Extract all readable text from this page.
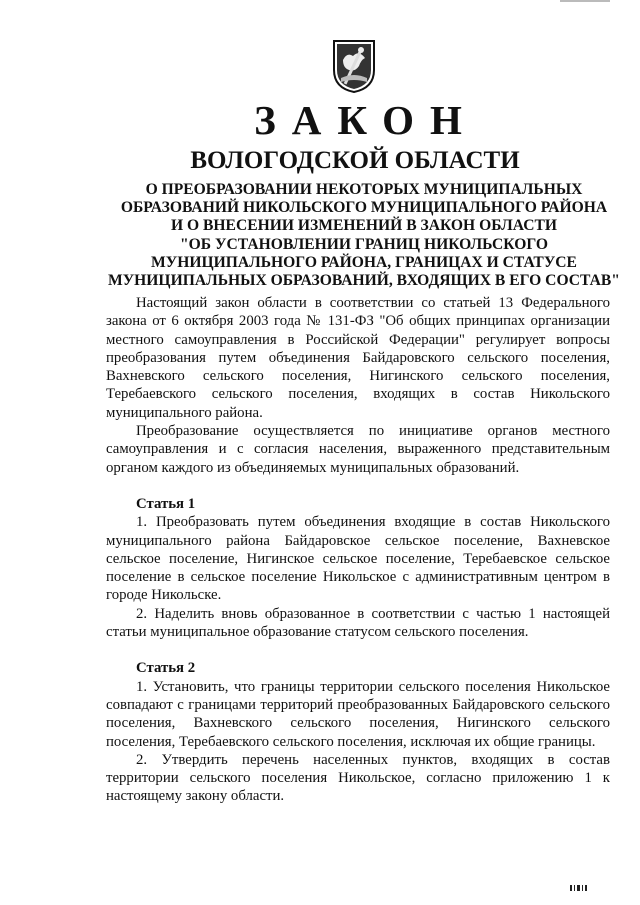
ЗАКОН
ВОЛОГОДСКОЙ ОБЛАСТИ
О ПРЕОБРАЗОВАНИИ НЕКОТОРЫХ МУНИЦИПАЛЬНЫХ
ОБРАЗОВАНИЙ НИКОЛЬСКОГО МУНИЦИПАЛЬНОГО РАЙОНА
И О ВНЕСЕНИИ ИЗМЕНЕНИЙ В ЗАКОН ОБЛАСТИ
"ОБ УСТАНОВЛЕНИИ ГРАНИЦ НИКОЛЬСКОГО
МУНИЦИПАЛЬНОГО РАЙОНА, ГРАНИЦАХ И СТАТУСЕ
МУНИЦИПАЛЬНЫХ ОБРАЗОВАНИЙ, ВХОДЯЩИХ В ЕГО СОСТАВ"

Настоящий закон области в соответствии со статьей 13 Федерального закона от 6 октября 2003 года № 131-ФЗ "Об общих принципах организации местного самоуправления в Российской Федерации" регулирует вопросы преобразования путем объединения Байдаровского сельского поселения, Вахневского сельского поселения, Нигинского сельского поселения, Теребаевского сельского поселения, входящих в состав Никольского муниципального района.

Преобразование осуществляется по инициативе органов местного самоуправления и с согласия населения, выраженного представительным органом каждого из объединяемых муниципальных образований.

Статья 1

1. Преобразовать путем объединения входящие в состав Никольского муниципального района Байдаровское сельское поселение, Вахневское сельское поселение, Нигинское сельское поселение, Теребаевское сельское поселение в сельское поселение Никольское с административным центром в городе Никольске.

2. Наделить вновь образованное в соответствии с частью 1 настоящей статьи муниципальное образование статусом сельского поселения.

Статья 2

1. Установить, что границы территории сельского поселения Никольское совпадают с границами территорий преобразованных Байдаровского сельского поселения, Вахневского сельского поселения, Нигинского сельского поселения, Теребаевского сельского поселения, исключая их общие границы.

2. Утвердить перечень населенных пунктов, входящих в состав территории сельского поселения Никольское, согласно приложению 1 к настоящему закону области.
